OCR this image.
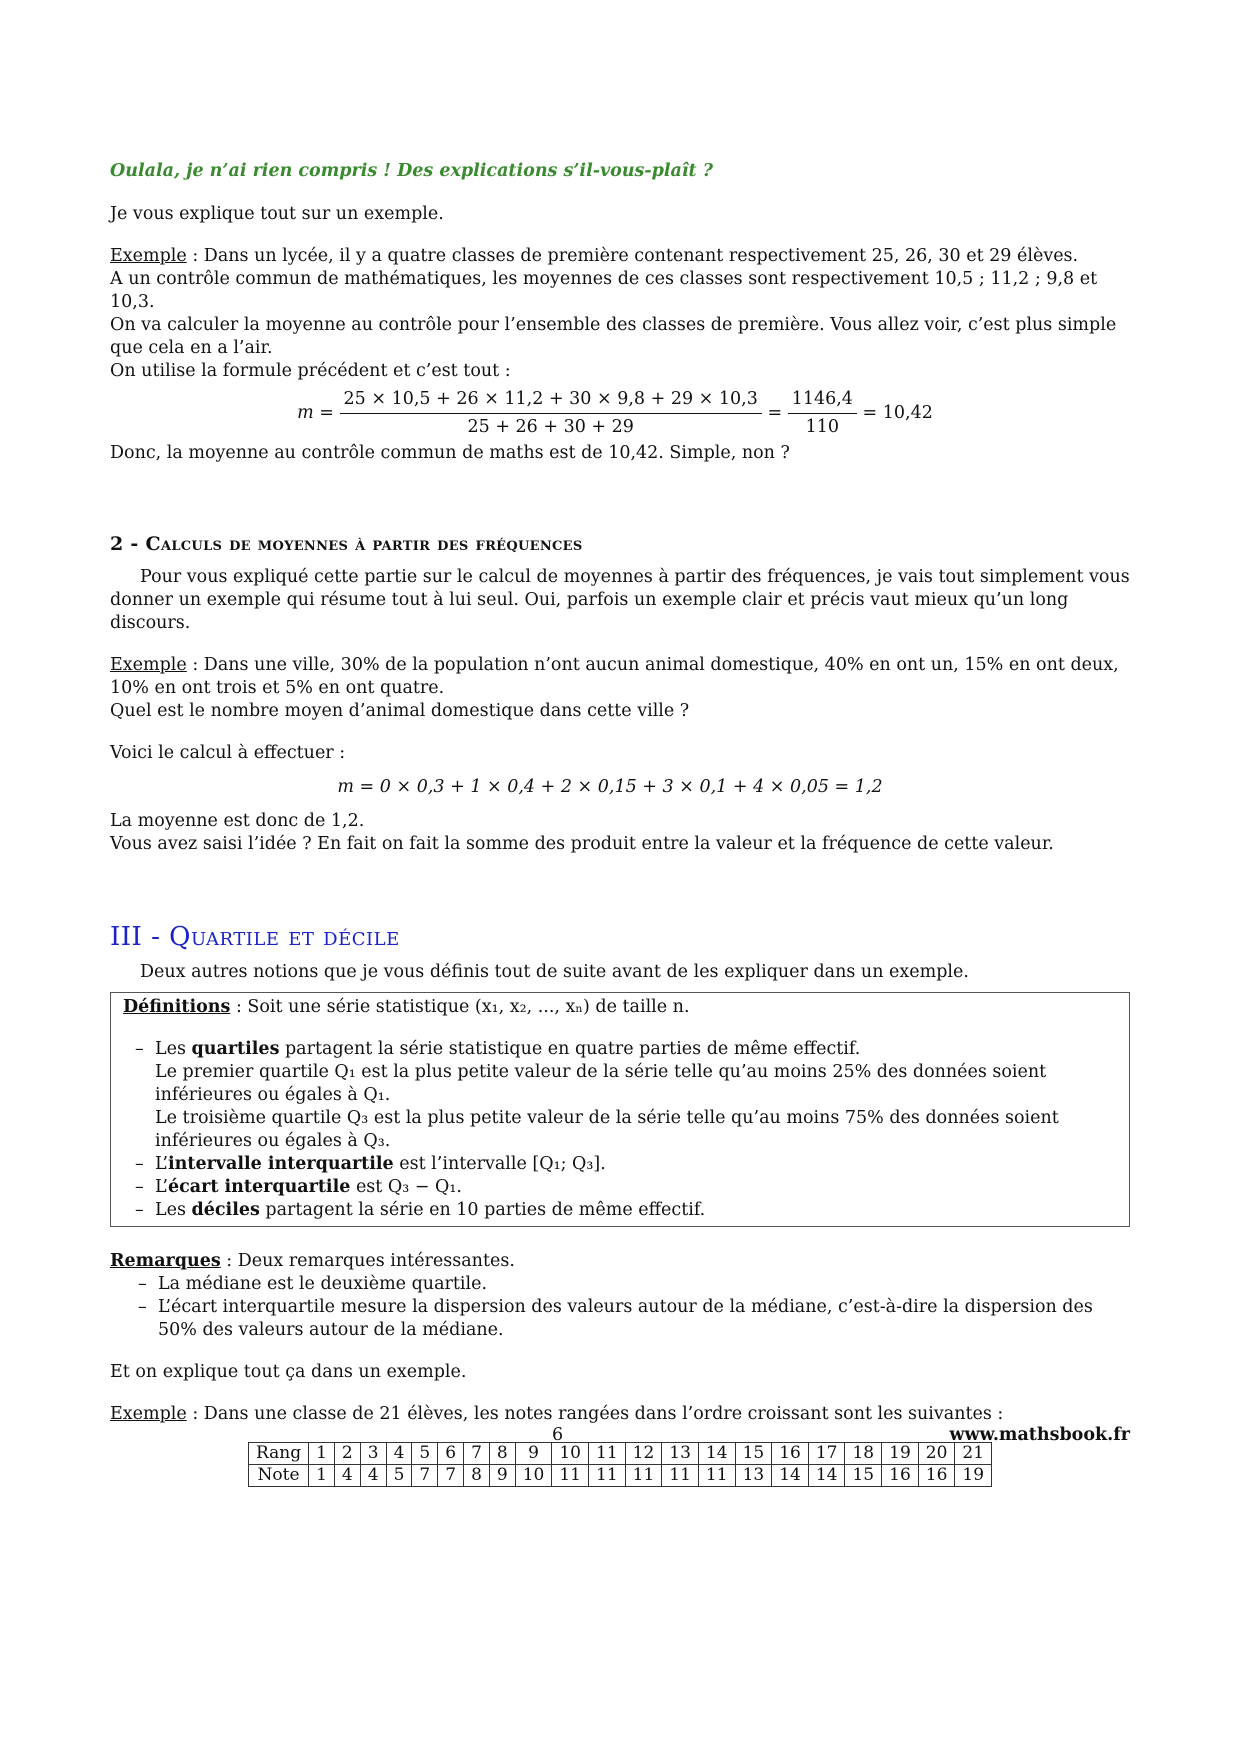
Oulala, je n’ai rien compris ! Des explications s’il-vous-plaît ?

Je vous explique tout sur un exemple.

Exemple : Dans un lycée, il y a quatre classes de première contenant respectivement 25, 26, 30 et 29 élèves.

A un contrôle commun de mathématiques, les moyennes de ces classes sont respectivement 10,5 ; 11,2 ; 9,8 et 10,3.

On va calculer la moyenne au contrôle pour l’ensemble des classes de première. Vous allez voir, c’est plus simple que cela en a l’air.

On utilise la formule précédent et c’est tout :

$m = \frac{25 \times 10,5 + 26 \times 11,2 + 30 \times 9,8 + 29 \times 10,3}{25 + 26 + 30 + 29} = \frac{1146,4}{110} = 10,42$

Donc, la moyenne au contrôle commun de maths est de 10,42. Simple, non ?

2 - Calculs de moyennes à partir des fréquences

Pour vous expliqué cette partie sur le calcul de moyennes à partir des fréquences, je vais tout simplement vous donner un exemple qui résume tout à lui seul. Oui, parfois un exemple clair et précis vaut mieux qu’un long discours.

Exemple : Dans une ville, 30% de la population n’ont aucun animal domestique, 40% en ont un, 15% en ont deux, 10% en ont trois et 5% en ont quatre.

Quel est le nombre moyen d’animal domestique dans cette ville ?

Voici le calcul à effectuer :

m = 0 × 0,3 + 1 × 0,4 + 2 × 0,15 + 3 × 0,1 + 4 × 0,05 = 1,2

La moyenne est donc de 1,2.

Vous avez saisi l’idée ? En fait on fait la somme des produit entre la valeur et la fréquence de cette valeur.

III - Quartile et décile

Deux autres notions que je vous définis tout de suite avant de les expliquer dans un exemple.

Définitions : Soit une série statistique (x₁, x₂, ..., xₙ) de taille n.

– Les quartiles partagent la série statistique en quatre parties de même effectif.
Le premier quartile Q₁ est la plus petite valeur de la série telle qu’au moins 25% des données soient inférieures ou égales à Q₁.
Le troisième quartile Q₃ est la plus petite valeur de la série telle qu’au moins 75% des données soient inférieures ou égales à Q₃.
– L’intervalle interquartile est l’intervalle [Q₁; Q₃].
– L’écart interquartile est Q₃ − Q₁.
– Les déciles partagent la série en 10 parties de même effectif.

Remarques : Deux remarques intéressantes.

– La médiane est le deuxième quartile.
– L’écart interquartile mesure la dispersion des valeurs autour de la médiane, c’est-à-dire la dispersion des 50% des valeurs autour de la médiane.

Et on explique tout ça dans un exemple.

Exemple : Dans une classe de 21 élèves, les notes rangées dans l’ordre croissant sont les suivantes :

Rang	1	2	3	4	5	6	7	8	9	10	11	12	13	14	15	16	17	18	19	20	21
Note	1	4	4	5	7	7	8	9	10	11	11	11	11	11	13	14	14	15	16	16	19
6	www.mathsbook.fr
